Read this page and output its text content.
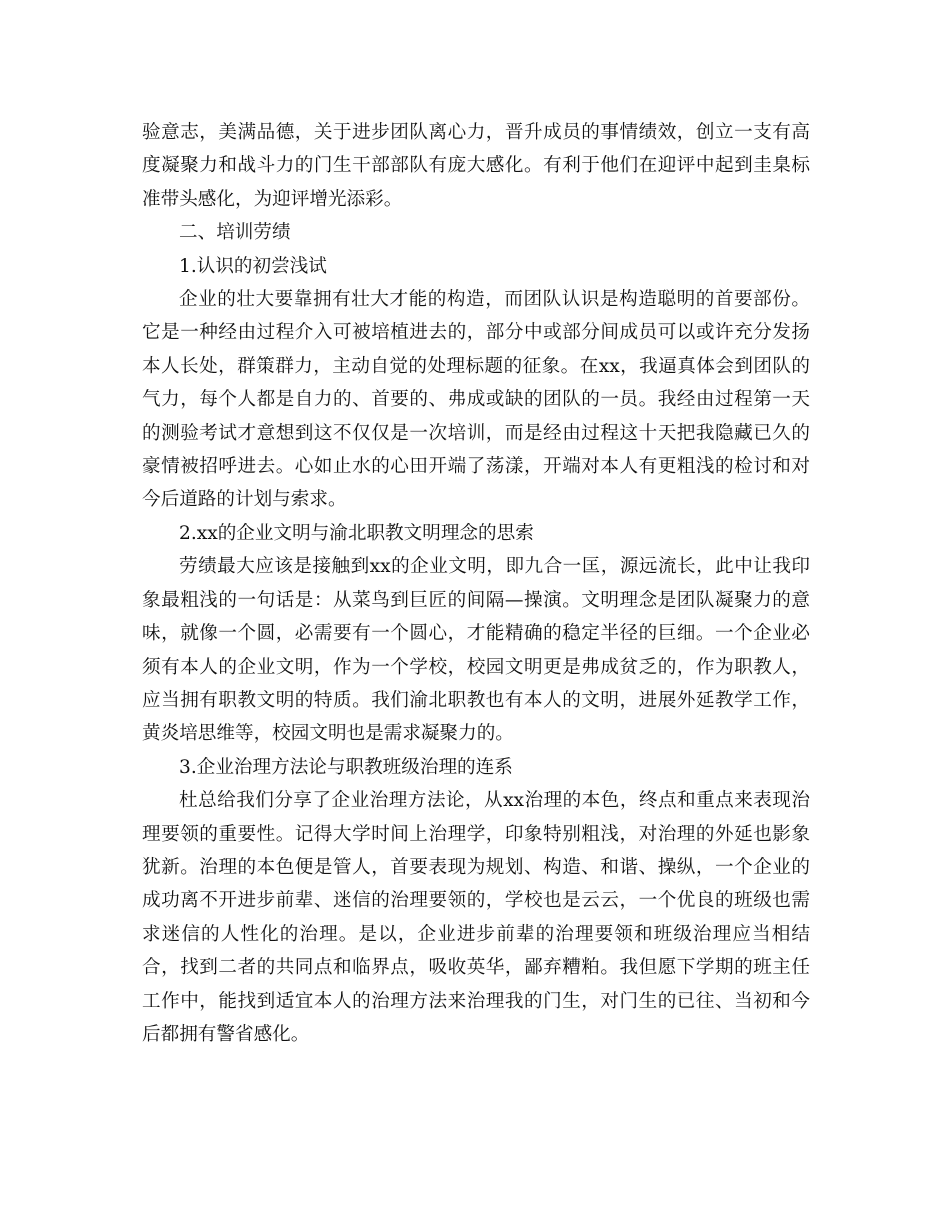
验意志，美满品德，关于进步团队离心力，晋升成员的事情绩效，创立一支有高度凝聚力和战斗力的门生干部部队有庞大感化。有利于他们在迎评中起到圭臬标准带头感化，为迎评增光添彩。

二、培训劳绩

1.认识的初尝浅试

企业的壮大要靠拥有壮大才能的构造，而团队认识是构造聪明的首要部份。它是一种经由过程介入可被培植进去的，部分中或部分间成员可以或许充分发扬本人长处，群策群力，主动自觉的处理标题的征象。在xx，我逼真体会到团队的气力，每个人都是自力的、首要的、弗成或缺的团队的一员。我经由过程第一天的测验考试才意想到这不仅仅是一次培训，而是经由过程这十天把我隐藏已久的豪情被招呼进去。心如止水的心田开端了荡漾，开端对本人有更粗浅的检讨和对今后道路的计划与索求。

2.xx的企业文明与渝北职教文明理念的思索

劳绩最大应该是接触到xx的企业文明，即九合一匡，源远流长，此中让我印象最粗浅的一句话是：从菜鸟到巨匠的间隔—操演。文明理念是团队凝聚力的意味，就像一个圆，必需要有一个圆心，才能精确的稳定半径的巨细。一个企业必须有本人的企业文明，作为一个学校，校园文明更是弗成贫乏的，作为职教人，应当拥有职教文明的特质。我们渝北职教也有本人的文明，进展外延教学工作，黄炎培思维等，校园文明也是需求凝聚力的。

3.企业治理方法论与职教班级治理的连系

杜总给我们分享了企业治理方法论，从xx治理的本色，终点和重点来表现治理要领的重要性。记得大学时间上治理学，印象特别粗浅，对治理的外延也影象犹新。治理的本色便是管人，首要表现为规划、构造、和谐、操纵，一个企业的成功离不开进步前辈、迷信的治理要领的，学校也是云云，一个优良的班级也需求迷信的人性化的治理。是以，企业进步前辈的治理要领和班级治理应当相结合，找到二者的共同点和临界点，吸收英华，鄙弃糟粕。我但愿下学期的班主任工作中，能找到适宜本人的治理方法来治理我的门生，对门生的已往、当初和今后都拥有警省感化。
